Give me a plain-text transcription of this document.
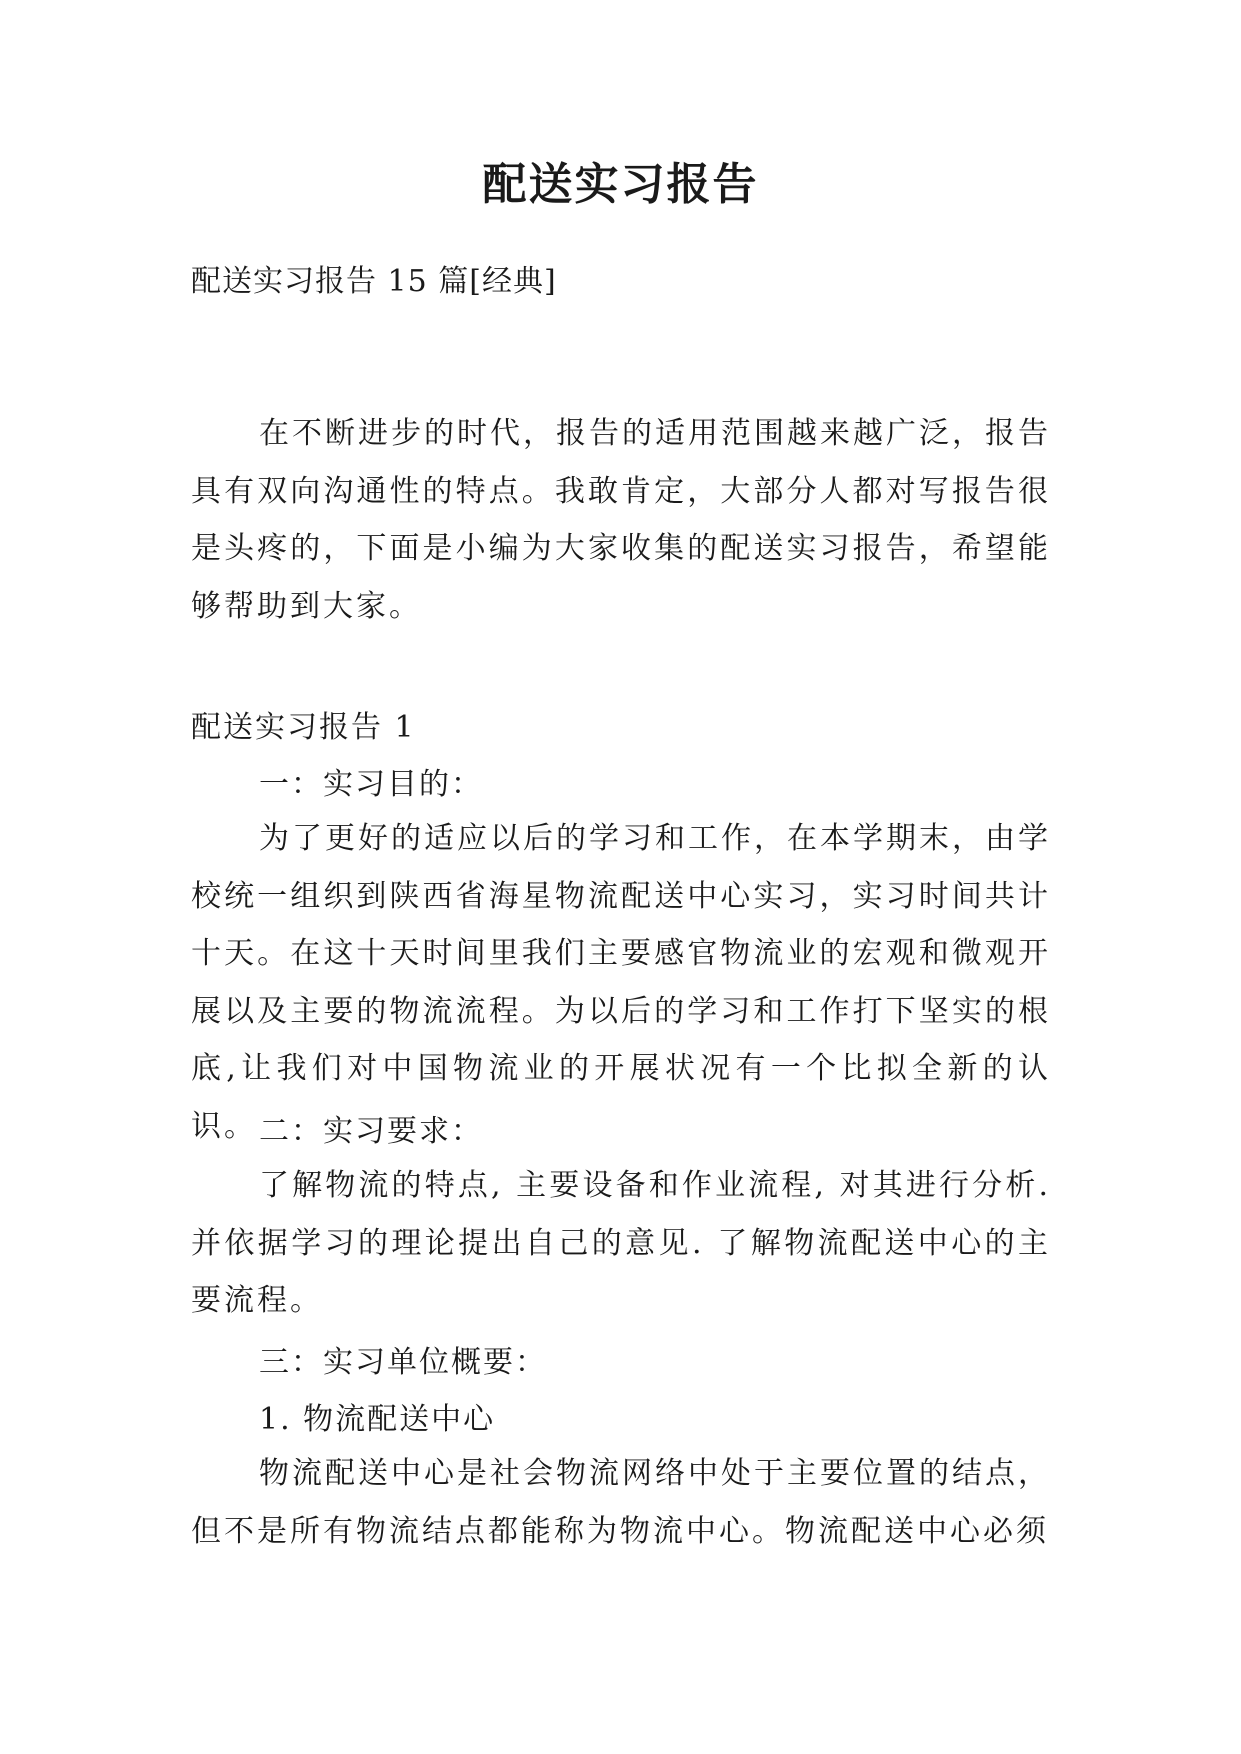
配送实习报告
配送实习报告 15 篇[经典]

在不断进步的时代，报告的适用范围越来越广泛，报告具有双向沟通性的特点。我敢肯定，大部分人都对写报告很是头疼的，下面是小编为大家收集的配送实习报告，希望能够帮助到大家。

配送实习报告 1
一：实习目的：

为了更好的适应以后的学习和工作，在本学期末，由学校统一组织到陕西省海星物流配送中心实习，实习时间共计十天。在这十天时间里我们主要感官物流业的宏观和微观开展以及主要的物流流程。为以后的学习和工作打下坚实的根底,让我们对中国物流业的开展状况有一个比拟全新的认识。 二：实习要求：

了解物流的特点, 主要设备和作业流程, 对其进行分析. 并依据学习的理论提出自己的意见. 了解物流配送中心的主要流程。

三：实习单位概要：
1. 物流配送中心

物流配送中心是社会物流网络中处于主要位置的结点，但不是所有物流结点都能称为物流中心。物流配送中心必须
